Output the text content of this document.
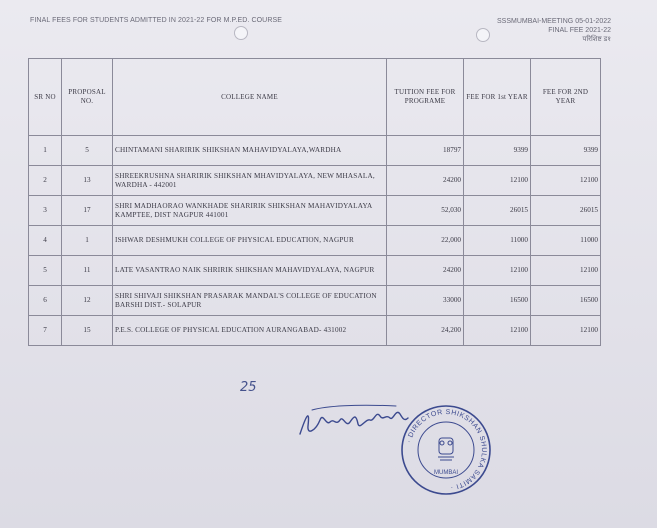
FINAL FEES FOR STUDENTS ADMITTED IN 2021-22 FOR M.P.ED. COURSE	SSSMUMBAI-MEETING 05-01-2022
FINAL FEE 2021-22
परिशिष्ट ड१
SR NO	PROPOSAL NO.	COLLEGE NAME	TUITION FEE FOR PROGRAME	FEE FOR 1st YEAR	FEE FOR 2ND YEAR
1	5	CHINTAMANI SHARIRIK SHIKSHAN MAHAVIDYALAYA,WARDHA	18797	9399	9399
2	13	SHREEKRUSHNA SHARIRIK SHIKSHAN MHAVIDYALAYA, NEW MHASALA, WARDHA - 442001	24200	12100	12100
3	17	SHRI MADHAORAO WANKHADE SHARIRIK SHIKSHAN MAHAVIDYALAYA KAMPTEE, DIST NAGPUR 441001	52,030	26015	26015
4	1	ISHWAR DESHMUKH COLLEGE OF PHYSICAL EDUCATION, NAGPUR	22,000	11000	11000
5	11	LATE VASANTRAO NAIK SHRIRIK SHIKSHAN MAHAVIDYALAYA, NAGPUR	24200	12100	12100
6	12	SHRI SHIVAJI SHIKSHAN PRASARAK MANDAL'S COLLEGE OF EDUCATION BARSHI DIST.- SOLAPUR	33000	16500	16500
7	15	P.E.S. COLLEGE OF PHYSICAL EDUCATION AURANGABAD- 431002	24,200	12100	12100
25
· DIRECTOR SHIKSHAN SHULKA SAMITI ·
MUMBAI
